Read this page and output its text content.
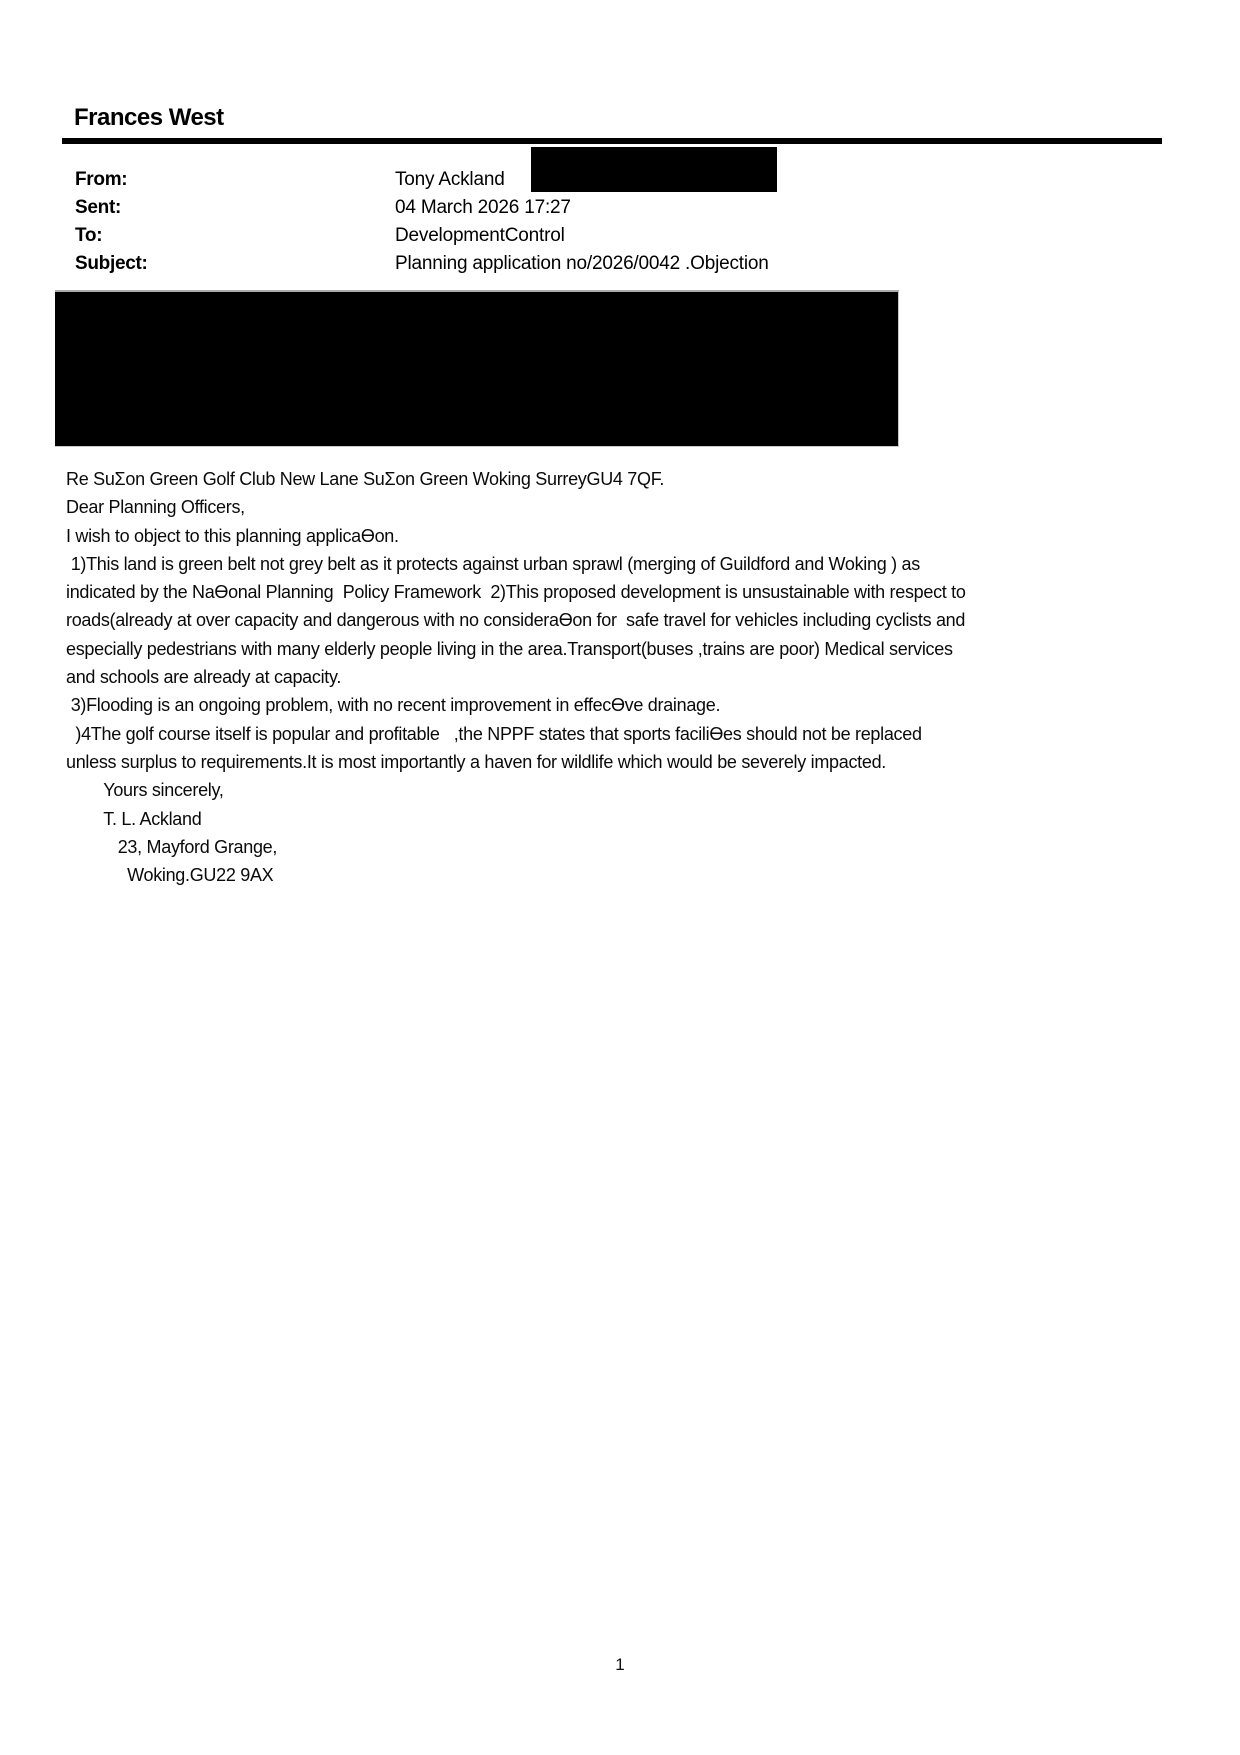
Frances West
From:	Tony Ackland
Sent:	04 March 2026 17:27
To:	DevelopmentControl
Subject:	Planning application no/2026/0042 .Objection
Re SuΣon Green Golf Club New Lane SuΣon Green Woking SurreyGU4 7QF.
Dear Planning Officers,
I wish to object to this planning applicaƟon.
1)This land is green belt not grey belt as it protects against urban sprawl (merging of Guildford and Woking ) as
indicated by the NaƟonal Planning  Policy Framework  2)This proposed development is unsustainable with respect to
roads(already at over capacity and dangerous with no consideraƟon for  safe travel for vehicles including cyclists and
especially pedestrians with many elderly people living in the area.Transport(buses ,trains are poor) Medical services
and schools are already at capacity.
3)Flooding is an ongoing problem, with no recent improvement in effecƟve drainage.
)4The golf course itself is popular and profitable   ,the NPPF states that sports faciliƟes should not be replaced
unless surplus to requirements.It is most importantly a haven for wildlife which would be severely impacted.
Yours sincerely,
T. L. Ackland
23, Mayford Grange,
Woking.GU22 9AX
1
